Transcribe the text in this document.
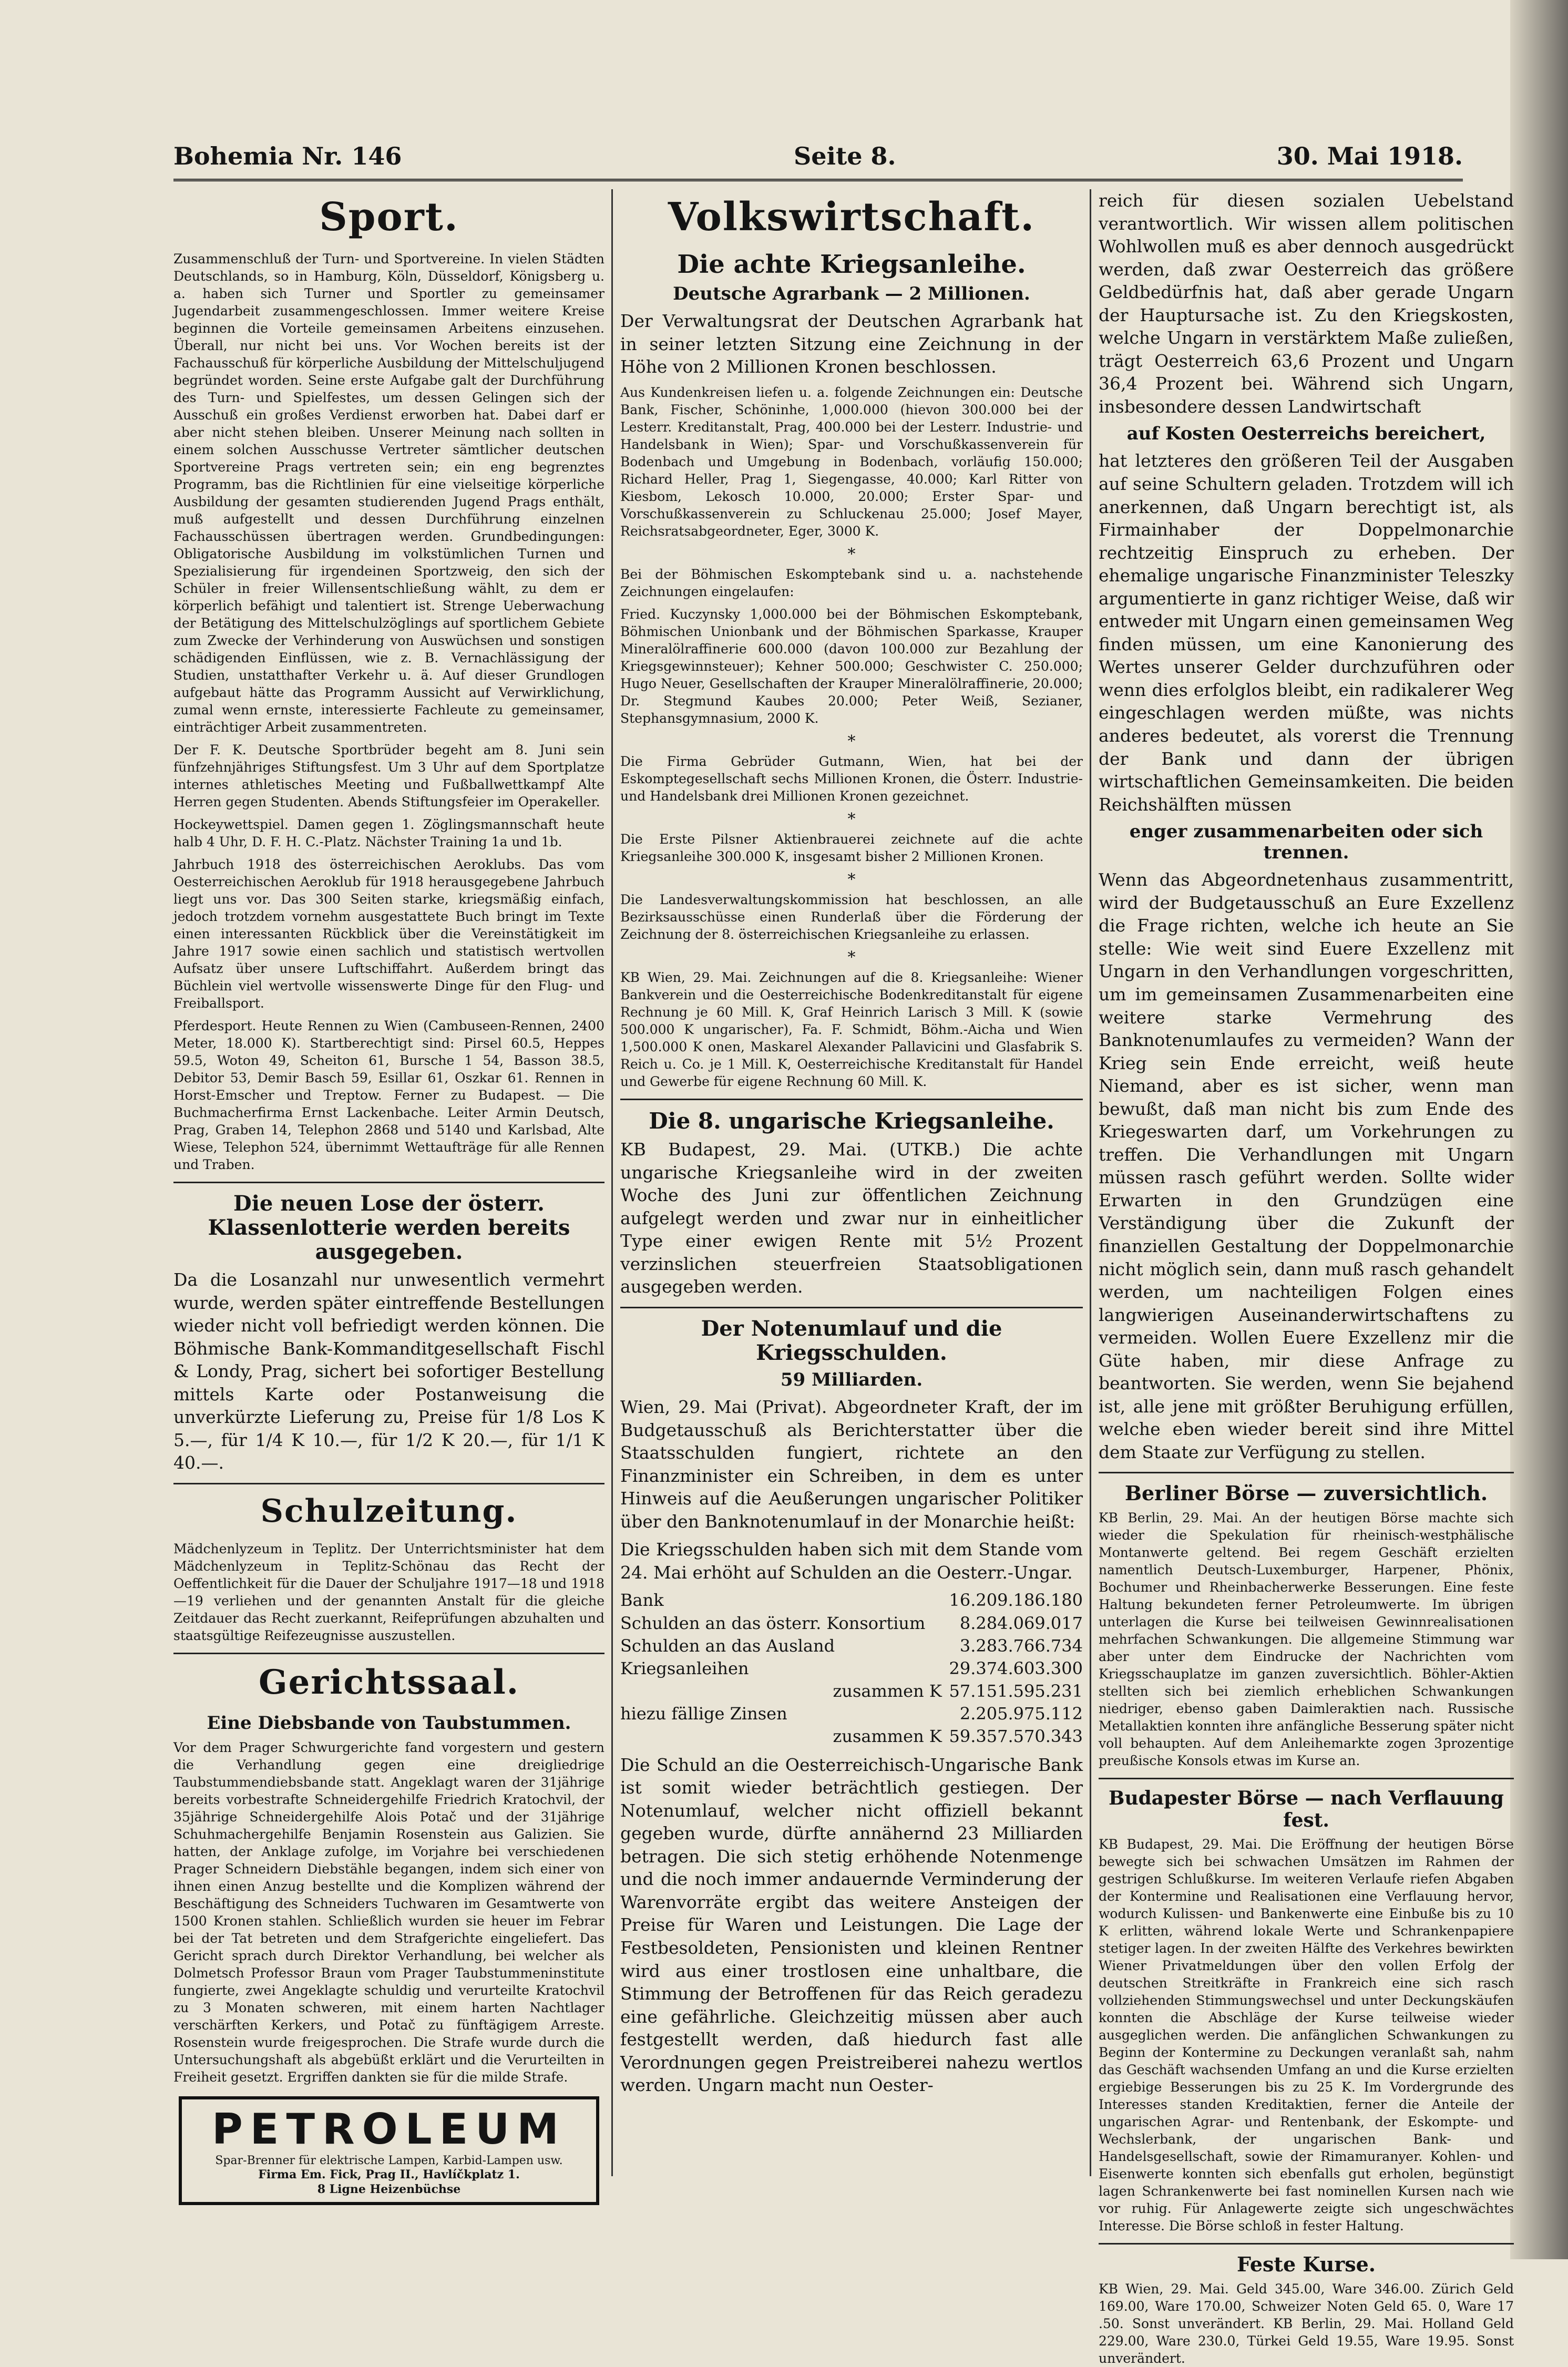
Bohemia Nr. 146	Seite 8.	30. Mai 1918.
Sport.

Zusammenschluß der Turn- und Sportvereine. In vielen Städten Deutschlands, so in Hamburg, Köln, Düsseldorf, Königsberg u. a. haben sich Turner und Sportler zu gemeinsamer Jugendarbeit zusammengeschlossen. Immer weitere Kreise beginnen die Vorteile gemeinsamen Arbeitens einzusehen. Überall, nur nicht bei uns. Vor Wochen bereits ist der Fachausschuß für körperliche Ausbildung der Mittelschuljugend begründet worden. Seine erste Aufgabe galt der Durchführung des Turn- und Spielfestes, um dessen Gelingen sich der Ausschuß ein großes Verdienst erworben hat. Dabei darf er aber nicht stehen bleiben. Unserer Meinung nach sollten in einem solchen Ausschusse Vertreter sämtlicher deutschen Sportvereine Prags vertreten sein; ein eng begrenztes Programm, bas die Richtlinien für eine vielseitige körperliche Ausbildung der gesamten studierenden Jugend Prags enthält, muß aufgestellt und dessen Durchführung einzelnen Fachausschüssen übertragen werden. Grundbedingungen: Obligatorische Ausbildung im volkstümlichen Turnen und Spezialisierung für irgendeinen Sportzweig, den sich der Schüler in freier Willensentschließung wählt, zu dem er körperlich befähigt und talentiert ist. Strenge Ueberwachung der Betätigung des Mittelschulzöglings auf sportlichem Gebiete zum Zwecke der Verhinderung von Auswüchsen und sonstigen schädigenden Einflüssen, wie z. B. Vernachlässigung der Studien, unstatthafter Verkehr u. ä. Auf dieser Grundlogen aufgebaut hätte das Programm Aussicht auf Verwirklichung, zumal wenn ernste, interessierte Fachleute zu gemeinsamer, einträchtiger Arbeit zusammentreten.

Der F. K. Deutsche Sportbrüder begeht am 8. Juni sein fünfzehnjähriges Stiftungsfest. Um 3 Uhr auf dem Sportplatze internes athletisches Meeting und Fußballwettkampf Alte Herren gegen Studenten. Abends Stiftungsfeier im Operakeller.

Hockeywettspiel. Damen gegen 1. Zöglingsmannschaft heute halb 4 Uhr, D. F. H. C.-Platz. Nächster Training 1a und 1b.

Jahrbuch 1918 des österreichischen Aeroklubs. Das vom Oesterreichischen Aeroklub für 1918 herausgegebene Jahrbuch liegt uns vor. Das 300 Seiten starke, kriegsmäßig einfach, jedoch trotzdem vornehm ausgestattete Buch bringt im Texte einen interessanten Rückblick über die Vereinstätigkeit im Jahre 1917 sowie einen sachlich und statistisch wertvollen Aufsatz über unsere Luftschiffahrt. Außerdem bringt das Büchlein viel wertvolle wissenswerte Dinge für den Flug- und Freiballsport.

Pferdesport. Heute Rennen zu Wien (Cambuseen-Rennen, 2400 Meter, 18.000 K). Startberechtigt sind: Pirsel 60.5, Heppes 59.5, Woton 49, Scheiton 61, Bursche 1 54, Basson 38.5, Debitor 53, Demir Basch 59, Esillar 61, Oszkar 61. Rennen in Horst-Emscher und Treptow. Ferner zu Budapest. — Die Buchmacherfirma Ernst Lackenbache. Leiter Armin Deutsch, Prag, Graben 14, Telephon 2868 und 5140 und Karlsbad, Alte Wiese, Telephon 524, übernimmt Wettaufträge für alle Rennen und Traben.

Die neuen Lose der österr. Klassenlotterie werden bereits ausgegeben.

Da die Losanzahl nur unwesentlich vermehrt wurde, werden später eintreffende Bestellungen wieder nicht voll befriedigt werden können. Die Böhmische Bank-Kommanditgesellschaft Fischl & Londy, Prag, sichert bei sofortiger Bestellung mittels Karte oder Postanweisung die unverkürzte Lieferung zu, Preise für 1/8 Los K 5.—, für 1/4 K 10.—, für 1/2 K 20.—, für 1/1 K 40.—.

Schulzeitung.

Mädchenlyzeum in Teplitz. Der Unterrichtsminister hat dem Mädchenlyzeum in Teplitz-Schönau das Recht der Oeffentlichkeit für die Dauer der Schuljahre 1917—18 und 1918—19 verliehen und der genannten Anstalt für die gleiche Zeitdauer das Recht zuerkannt, Reifeprüfungen abzuhalten und staatsgültige Reifezeugnisse auszustellen.

Gerichtssaal.
Eine Diebsbande von Taubstummen.

Vor dem Prager Schwurgerichte fand vorgestern und gestern die Verhandlung gegen eine dreigliedrige Taubstummendiebsbande statt. Angeklagt waren der 31jährige bereits vorbestrafte Schneidergehilfe Friedrich Kratochvil, der 35jährige Schneidergehilfe Alois Potač und der 31jährige Schuhmachergehilfe Benjamin Rosenstein aus Galizien. Sie hatten, der Anklage zufolge, im Vorjahre bei verschiedenen Prager Schneidern Diebstähle begangen, indem sich einer von ihnen einen Anzug bestellte und die Komplizen während der Beschäftigung des Schneiders Tuchwaren im Gesamtwerte von 1500 Kronen stahlen. Schließlich wurden sie heuer im Febrar bei der Tat betreten und dem Strafgerichte eingeliefert. Das Gericht sprach durch Direktor Verhandlung, bei welcher als Dolmetsch Professor Braun vom Prager Taubstummeninstitute fungierte, zwei Angeklagte schuldig und verurteilte Kratochvil zu 3 Monaten schweren, mit einem harten Nachtlager verschärften Kerkers, und Potač zu fünftägigem Arreste. Rosenstein wurde freigesprochen. Die Strafe wurde durch die Untersuchungshaft als abgebüßt erklärt und die Verurteilten in Freiheit gesetzt. Ergriffen dankten sie für die milde Strafe.

PETROLEUM
Spar-Brenner für elektrische Lampen, Karbid-Lampen usw.
Firma Em. Fick, Prag II., Havlíčkplatz 1.
8 Ligne Heizenbüchse
Volkswirtschaft.
Die achte Kriegsanleihe.
Deutsche Agrarbank — 2 Millionen.

Der Verwaltungsrat der Deutschen Agrarbank hat in seiner letzten Sitzung eine Zeichnung in der Höhe von 2 Millionen Kronen beschlossen.

Aus Kundenkreisen liefen u. a. folgende Zeichnungen ein: Deutsche Bank, Fischer, Schöninhe, 1,000.000 (hievon 300.000 bei der Lesterr. Kreditanstalt, Prag, 400.000 bei der Lesterr. Industrie- und Handelsbank in Wien); Spar- und Vorschußkassenverein für Bodenbach und Umgebung in Bodenbach, vorläufig 150.000; Richard Heller, Prag 1, Siegengasse, 40.000; Karl Ritter von Kiesbom, Lekosch 10.000, 20.000; Erster Spar- und Vorschußkassenverein zu Schluckenau 25.000; Josef Mayer, Reichsratsabgeordneter, Eger, 3000 K.

*

Bei der Böhmischen Eskomptebank sind u. a. nachstehende Zeichnungen eingelaufen:

Fried. Kuczynsky 1,000.000 bei der Böhmischen Eskomptebank, Böhmischen Unionbank und der Böhmischen Sparkasse, Krauper Mineralölraffinerie 600.000 (davon 100.000 zur Bezahlung der Kriegsgewinnsteuer); Kehner 500.000; Geschwister C. 250.000; Hugo Neuer, Gesellschaften der Krauper Mineralölraffinerie, 20.000; Dr. Stegmund Kaubes 20.000; Peter Weiß, Sezianer, Stephansgymnasium, 2000 K.

*

Die Firma Gebrüder Gutmann, Wien, hat bei der Eskomptegesellschaft sechs Millionen Kronen, die Österr. Industrie- und Handelsbank drei Millionen Kronen gezeichnet.

*

Die Erste Pilsner Aktienbrauerei zeichnete auf die achte Kriegsanleihe 300.000 K, insgesamt bisher 2 Millionen Kronen.

*

Die Landesverwaltungskommission hat beschlossen, an alle Bezirksausschüsse einen Runderlaß über die Förderung der Zeichnung der 8. österreichischen Kriegsanleihe zu erlassen.

*

KB Wien, 29. Mai. Zeichnungen auf die 8. Kriegsanleihe: Wiener Bankverein und die Oesterreichische Bodenkreditanstalt für eigene Rechnung je 60 Mill. K, Graf Heinrich Larisch 3 Mill. K (sowie 500.000 K ungarischer), Fa. F. Schmidt, Böhm.-Aicha und Wien 1,500.000 K onen, Maskarel Alexander Pallavicini und Glasfabrik S. Reich u. Co. je 1 Mill. K, Oesterreichische Kreditanstalt für Handel und Gewerbe für eigene Rechnung 60 Mill. K.

Die 8. ungarische Kriegsanleihe.

KB Budapest, 29. Mai. (UTKB.) Die achte ungarische Kriegsanleihe wird in der zweiten Woche des Juni zur öffentlichen Zeichnung aufgelegt werden und zwar nur in einheitlicher Type einer ewigen Rente mit 5½ Prozent verzinslichen steuerfreien Staatsobligationen ausgegeben werden.

Der Notenumlauf und die Kriegsschulden.
59 Milliarden.

Wien, 29. Mai (Privat). Abgeordneter Kraft, der im Budgetausschuß als Berichterstatter über die Staatsschulden fungiert, richtete an den Finanzminister ein Schreiben, in dem es unter Hinweis auf die Aeußerungen ungarischer Politiker über den Banknotenumlauf in der Monarchie heißt:

Die Kriegsschulden haben sich mit dem Stande vom 24. Mai erhöht auf Schulden an die Oesterr.-Ungar.

Bank	16.209.186.180
Schulden an das österr. Konsortium	8.284.069.017
Schulden an das Ausland	3.283.766.734
Kriegsanleihen	29.374.603.300
zusammen K	57.151.595.231
hiezu fällige Zinsen	2.205.975.112
zusammen K	59.357.570.343

Die Schuld an die Oesterreichisch-Ungarische Bank ist somit wieder beträchtlich gestiegen. Der Notenumlauf, welcher nicht offiziell bekannt gegeben wurde, dürfte annähernd 23 Milliarden betragen. Die sich stetig erhöhende Notenmenge und die noch immer andauernde Verminderung der Warenvorräte ergibt das weitere Ansteigen der Preise für Waren und Leistungen. Die Lage der Festbesoldeten, Pensionisten und kleinen Rentner wird aus einer trostlosen eine unhaltbare, die Stimmung der Betroffenen für das Reich geradezu eine gefährliche. Gleichzeitig müssen aber auch festgestellt werden, daß hiedurch fast alle Verordnungen gegen Preistreiberei nahezu wertlos werden. Ungarn macht nun Oester-

reich für diesen sozialen Uebelstand verantwortlich. Wir wissen allem politischen Wohlwollen muß es aber dennoch ausgedrückt werden, daß zwar Oesterreich das größere Geldbedürfnis hat, daß aber gerade Ungarn der Hauptursache ist. Zu den Kriegskosten, welche Ungarn in verstärktem Maße zuließen, trägt Oesterreich 63,6 Prozent und Ungarn 36,4 Prozent bei. Während sich Ungarn, insbesondere dessen Landwirtschaft

auf Kosten Oesterreichs bereichert,

hat letzteres den größeren Teil der Ausgaben auf seine Schultern geladen. Trotzdem will ich anerkennen, daß Ungarn berechtigt ist, als Firmainhaber der Doppelmonarchie rechtzeitig Einspruch zu erheben. Der ehemalige ungarische Finanzminister Teleszky argumentierte in ganz richtiger Weise, daß wir entweder mit Ungarn einen gemeinsamen Weg finden müssen, um eine Kanonierung des Wertes unserer Gelder durchzuführen oder wenn dies erfolglos bleibt, ein radikalerer Weg eingeschlagen werden müßte, was nichts anderes bedeutet, als vorerst die Trennung der Bank und dann der übrigen wirtschaftlichen Gemeinsamkeiten. Die beiden Reichshälften müssen

enger zusammenarbeiten oder sich trennen.

Wenn das Abgeordnetenhaus zusammentritt, wird der Budgetausschuß an Eure Exzellenz die Frage richten, welche ich heute an Sie stelle: Wie weit sind Euere Exzellenz mit Ungarn in den Verhandlungen vorgeschritten, um im gemeinsamen Zusammenarbeiten eine weitere starke Vermehrung des Banknotenumlaufes zu vermeiden? Wann der Krieg sein Ende erreicht, weiß heute Niemand, aber es ist sicher, wenn man bewußt, daß man nicht bis zum Ende des Kriegeswarten darf, um Vorkehrungen zu treffen. Die Verhandlungen mit Ungarn müssen rasch geführt werden. Sollte wider Erwarten in den Grundzügen eine Verständigung über die Zukunft der finanziellen Gestaltung der Doppelmonarchie nicht möglich sein, dann muß rasch gehandelt werden, um nachteiligen Folgen eines langwierigen Auseinanderwirtschaftens zu vermeiden. Wollen Euere Exzellenz mir die Güte haben, mir diese Anfrage zu beantworten. Sie werden, wenn Sie bejahend ist, alle jene mit größter Beruhigung erfüllen, welche eben wieder bereit sind ihre Mittel dem Staate zur Verfügung zu stellen.

Berliner Börse — zuversichtlich.

KB Berlin, 29. Mai. An der heutigen Börse machte sich wieder die Spekulation für rheinisch-westphälische Montanwerte geltend. Bei regem Geschäft erzielten namentlich Deutsch-Luxemburger, Harpener, Phönix, Bochumer und Rheinbacherwerke Besserungen. Eine feste Haltung bekundeten ferner Petroleumwerte. Im übrigen unterlagen die Kurse bei teilweisen Gewinnrealisationen mehrfachen Schwankungen. Die allgemeine Stimmung war aber unter dem Eindrucke der Nachrichten vom Kriegsschauplatze im ganzen zuversichtlich. Böhler-Aktien stellten sich bei ziemlich erheblichen Schwankungen niedriger, ebenso gaben Daimleraktien nach. Russische Metallaktien konnten ihre anfängliche Besserung später nicht voll behaupten. Auf dem Anleihemarkte zogen 3prozentige preußische Konsols etwas im Kurse an.

Budapester Börse — nach Verflauung fest.

KB Budapest, 29. Mai. Die Eröffnung der heutigen Börse bewegte sich bei schwachen Umsätzen im Rahmen der gestrigen Schlußkurse. Im weiteren Verlaufe riefen Abgaben der Kontermine und Realisationen eine Verflauung hervor, wodurch Kulissen- und Bankenwerte eine Einbuße bis zu 10 K erlitten, während lokale Werte und Schrankenpapiere stetiger lagen. In der zweiten Hälfte des Verkehres bewirkten Wiener Privatmeldungen über den vollen Erfolg der deutschen Streitkräfte in Frankreich eine sich rasch vollziehenden Stimmungswechsel und unter Deckungskäufen konnten die Abschläge der Kurse teilweise wieder ausgeglichen werden. Die anfänglichen Schwankungen zu Beginn der Kontermine zu Deckungen veranlaßt sah, nahm das Geschäft wachsenden Umfang an und die Kurse erzielten ergiebige Besserungen bis zu 25 K. Im Vordergrunde des Interesses standen Kreditaktien, ferner die Anteile der ungarischen Agrar- und Rentenbank, der Eskompte- und Wechslerbank, der ungarischen Bank- und Handelsgesellschaft, sowie der Rimamuranyer. Kohlen- und Eisenwerte konnten sich ebenfalls gut erholen, begünstigt lagen Schrankenwerte bei fast nominellen Kursen nach wie vor ruhig. Für Anlagewerte zeigte sich ungeschwächtes Interesse. Die Börse schloß in fester Haltung.

Feste Kurse.

KB Wien, 29. Mai. Geld 345.00, Ware 346.00. Zürich Geld 169.00, Ware 170.00, Schweizer Noten Geld 65. 0, Ware 17 .50. Sonst unverändert. KB Berlin, 29. Mai. Holland Geld 229.00, Ware 230.0, Türkei Geld 19.55, Ware 19.95. Sonst unverändert.
